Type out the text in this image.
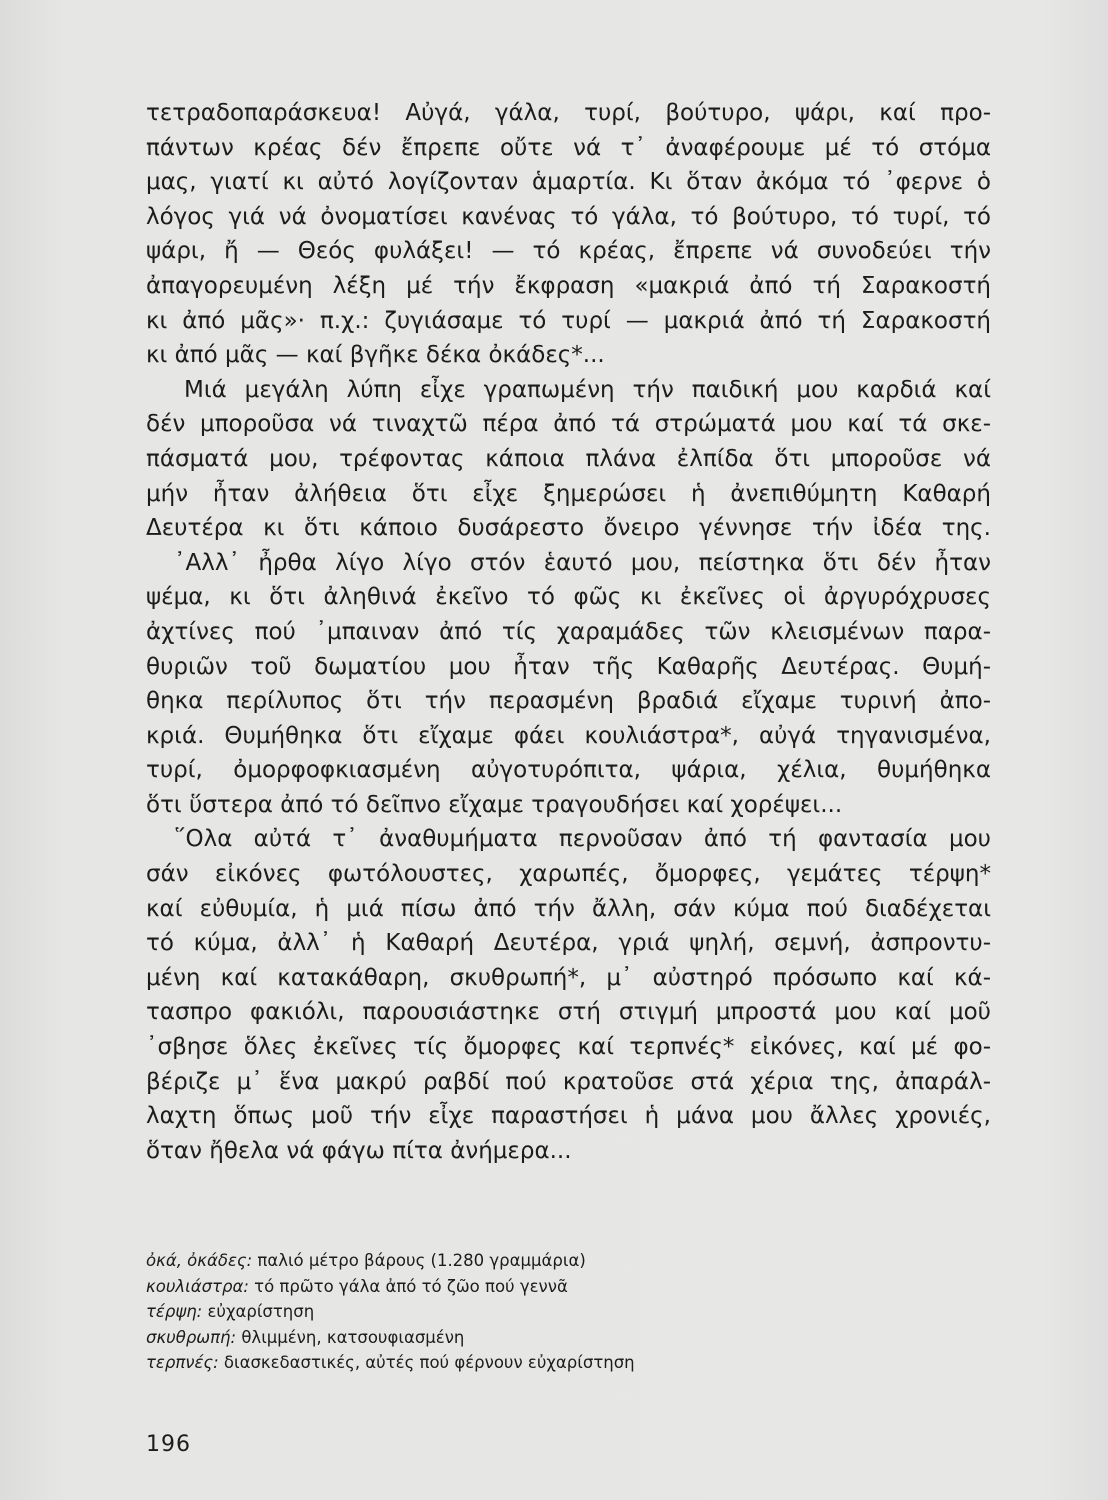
τετραδοπαράσκευα! Αὐγά, γάλα, τυρί, βούτυρο, ψάρι, καί προ-
πάντων κρέας δέν ἔπρεπε οὔτε νά τ᾽ ἀναφέρουμε μέ τό στόμα
μας, γιατί κι αὐτό λογίζονταν ἁμαρτία. Κι ὅταν ἀκόμα τό ᾽φερνε ὁ
λόγος γιά νά ὀνοματίσει κανένας τό γάλα, τό βούτυρο, τό τυρί, τό
ψάρι, ἤ — Θεός φυλάξει! — τό κρέας, ἔπρεπε νά συνοδεύει τήν
ἀπαγορευμένη λέξη μέ τήν ἔκφραση «μακριά ἀπό τή Σαρακοστή
κι ἀπό μᾶς»· π.χ.: ζυγιάσαμε τό τυρί — μακριά ἀπό τή Σαρακοστή
κι ἀπό μᾶς — καί βγῆκε δέκα ὀκάδες*...
Μιά μεγάλη λύπη εἶχε γραπωμένη τήν παιδική μου καρδιά καί
δέν μποροῦσα νά τιναχτῶ πέρα ἀπό τά στρώματά μου καί τά σκε-
πάσματά μου, τρέφοντας κάποια πλάνα ἐλπίδα ὅτι μποροῦσε νά
μήν ἦταν ἀλήθεια ὅτι εἶχε ξημερώσει ἡ ἀνεπιθύμητη Καθαρή
Δευτέρα κι ὅτι κάποιο δυσάρεστο ὄνειρο γέννησε τήν ἰδέα της.
᾽Αλλ᾽ ἦρθα λίγο λίγο στόν ἑαυτό μου, πείστηκα ὅτι δέν ἦταν
ψέμα, κι ὅτι ἀληθινά ἐκεῖνο τό φῶς κι ἐκεῖνες οἱ ἀργυρόχρυσες
ἀχτίνες πού ᾽μπαιναν ἀπό τίς χαραμάδες τῶν κλεισμένων παρα-
θυριῶν τοῦ δωματίου μου ἦταν τῆς Καθαρῆς Δευτέρας. Θυμή-
θηκα περίλυπος ὅτι τήν περασμένη βραδιά εἴχαμε τυρινή ἀπο-
κριά. Θυμήθηκα ὅτι εἴχαμε φάει κουλιάστρα*, αὐγά τηγανισμένα,
τυρί, ὀμορφοφκιασμένη αὐγοτυρόπιτα, ψάρια, χέλια, θυμήθηκα
ὅτι ὕστερα ἀπό τό δεῖπνο εἴχαμε τραγουδήσει καί χορέψει...
῞Ολα αὐτά τ᾽ ἀναθυμήματα περνοῦσαν ἀπό τή φαντασία μου
σάν εἰκόνες φωτόλουστες, χαρωπές, ὄμορφες, γεμάτες τέρψη*
καί εὐθυμία, ἡ μιά πίσω ἀπό τήν ἄλλη, σάν κύμα πού διαδέχεται
τό κύμα, ἀλλ᾽ ἡ Καθαρή Δευτέρα, γριά ψηλή, σεμνή, ἀσπροντυ-
μένη καί κατακάθαρη, σκυθρωπή*, μ᾽ αὐστηρό πρόσωπο καί κά-
τασπρο φακιόλι, παρουσιάστηκε στή στιγμή μπροστά μου καί μοῦ
᾽σβησε ὅλες ἐκεῖνες τίς ὄμορφες καί τερπνές* εἰκόνες, καί μέ φο-
βέριζε μ᾽ ἕνα μακρύ ραβδί πού κρατοῦσε στά χέρια της, ἀπαράλ-
λαχτη ὅπως μοῦ τήν εἶχε παραστήσει ἡ μάνα μου ἄλλες χρονιές,
ὅταν ἤθελα νά φάγω πίτα ἀνήμερα...
ὀκά, ὀκάδες: παλιό μέτρο βάρους (1.280 γραμμάρια)
κουλιάστρα: τό πρῶτο γάλα ἀπό τό ζῶο πού γεννᾶ
τέρψη: εὐχαρίστηση
σκυθρωπή: θλιμμένη, κατσουφιασμένη
τερπνές: διασκεδαστικές, αὐτές πού φέρνουν εὐχαρίστηση
196
